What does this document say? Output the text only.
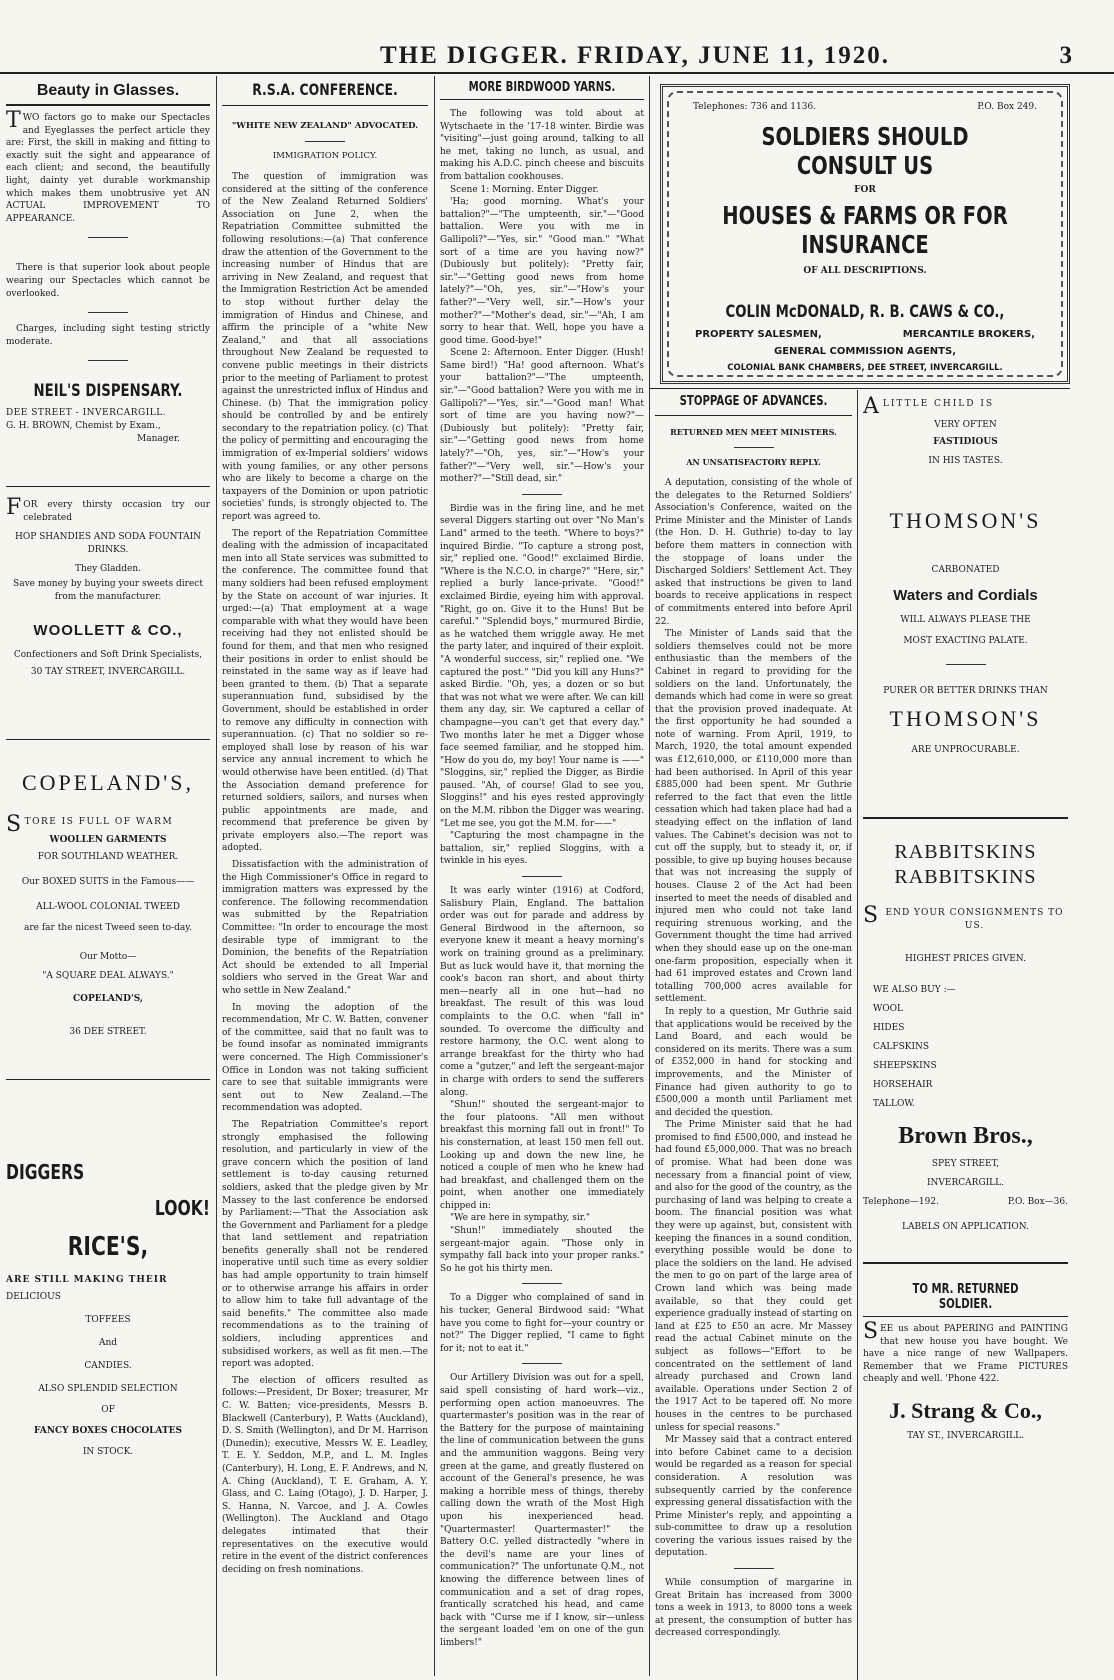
THE DIGGER. FRIDAY, JUNE 11, 1920.	3
Beauty in Glasses.

TWO factors go to make our Spectacles and Eyeglasses the perfect article they are: First, the skill in making and fitting to exactly suit the sight and appearance of each client; and second, the beautifully light, dainty yet durable workmanship which makes them unobtrusive yet AN ACTUAL IMPROVEMENT TO APPEARANCE.

There is that superior look about people wearing our Spectacles which cannot be overlooked.

Charges, including sight testing strictly moderate.

NEIL'S DISPENSARY.
DEE STREET - INVERCARGILL.
G. H. BROWN, Chemist by Exam.,
Manager.

FOR every thirsty occasion try our celebrated

HOP SHANDIES AND SODA FOUNTAIN DRINKS.
They Gladden.
Save money by buying your sweets direct from the manufacturer.
WOOLLETT & CO.,
Confectioners and Soft Drink Specialists,
30 TAY STREET, INVERCARGILL.
COPELAND'S,
STORE IS FULL OF WARM
WOOLLEN GARMENTS
FOR SOUTHLAND WEATHER.
Our BOXED SUITS in the Famous——
ALL-WOOL COLONIAL TWEED
are far the nicest Tweed seen to-day.
Our Motto—
"A SQUARE DEAL ALWAYS."
COPELAND'S,
36 DEE STREET.
DIGGERS
LOOK!
RICE'S,
ARE STILL MAKING THEIR
DELICIOUS
TOFFEES
And
CANDIES.
ALSO SPLENDID SELECTION
OF
FANCY BOXES CHOCOLATES
IN STOCK.
R.S.A. CONFERENCE.
"WHITE NEW ZEALAND" ADVOCATED.
IMMIGRATION POLICY.

The question of immigration was considered at the sitting of the conference of the New Zealand Returned Soldiers' Association on June 2, when the Repatriation Committee submitted the following resolutions:—(a) That conference draw the attention of the Government to the increasing number of Hindus that are arriving in New Zealand, and request that the Immigration Restriction Act be amended to stop without further delay the immigration of Hindus and Chinese, and affirm the principle of a "white New Zealand," and that all associations throughout New Zealand be requested to convene public meetings in their districts prior to the meeting of Parliament to protest against the unrestricted influx of Hindus and Chinese. (b) That the immigration policy should be controlled by and be entirely secondary to the repatriation policy. (c) That the policy of permitting and encouraging the immigration of ex-Imperial soldiers' widows with young families, or any other persons who are likely to become a charge on the taxpayers of the Dominion or upon patriotic societies' funds, is strongly objected to. The report was agreed to.

The report of the Repatriation Committee dealing with the admission of incapacitated men into all State services was submitted to the conference. The committee found that many soldiers had been refused employment by the State on account of war injuries. It urged:—(a) That employment at a wage comparable with what they would have been receiving had they not enlisted should be found for them, and that men who resigned their positions in order to enlist should be reinstated in the same way as if leave had been granted to them. (b) That a separate superannuation fund, subsidised by the Government, should be established in order to remove any difficulty in connection with superannuation. (c) That no soldier so re-employed shall lose by reason of his war service any annual increment to which he would otherwise have been entitled. (d) That the Association demand preference for returned soldiers, sailors, and nurses when public appointments are made, and recommend that preference be given by private employers also.—The report was adopted.

Dissatisfaction with the administration of the High Commissioner's Office in regard to immigration matters was expressed by the conference. The following recommendation was submitted by the Repatriation Committee: "In order to encourage the most desirable type of immigrant to the Dominion, the benefits of the Repatriation Act should be extended to all Imperial soldiers who served in the Great War and who settle in New Zealand."

In moving the adoption of the recommendation, Mr C. W. Batten, convener of the committee, said that no fault was to be found insofar as nominated immigrants were concerned. The High Commissioner's Office in London was not taking sufficient care to see that suitable immigrants were sent out to New Zealand.—The recommendation was adopted.

The Repatriation Committee's report strongly emphasised the following resolution, and particularly in view of the grave concern which the position of land settlement is to-day causing returned soldiers, asked that the pledge given by Mr Massey to the last conference be endorsed by Parliament:—"That the Association ask the Government and Parliament for a pledge that land settlement and repatriation benefits generally shall not be rendered inoperative until such time as every soldier has had ample opportunity to train himself or to otherwise arrange his affairs in order to allow him to take full advantage of the said benefits." The committee also made recommendations as to the training of soldiers, including apprentices and subsidised workers, as well as fit men.—The report was adopted.

The election of officers resulted as follows:—President, Dr Boxer; treasurer, Mr C. W. Batten; vice-presidents, Messrs B. Blackwell (Canterbury), P. Watts (Auckland), D. S. Smith (Wellington), and Dr M. Harrison (Dunedin); executive, Messrs W. E. Leadley, T. E. Y. Seddon, M.P., and L. M. Ingles (Canterbury), H. Long, E. F. Andrews, and N. A. Ching (Auckland), T. E. Graham, A. Y. Glass, and C. Laing (Otago), J. D. Harper, J. S. Hanna, N. Varcoe, and J. A. Cowles (Wellington). The Auckland and Otago delegates intimated that their representatives on the executive would retire in the event of the district conferences deciding on fresh nominations.

MORE BIRDWOOD YARNS.

The following was told about at Wytschaete in the '17-18 winter. Birdie was "visiting"—just going around, talking to all he met, taking no lunch, as usual, and making his A.D.C. pinch cheese and biscuits from battalion cookhouses.

Scene 1: Morning. Enter Digger.

'Ha; good morning. What's your battalion?"—"The umpteenth, sir."—"Good battalion. Were you with me in Gallipoli?"—"Yes, sir." "Good man." "What sort of a time are you having now?" (Dubiously but politely): "Pretty fair, sir."—"Getting good news from home lately?"—"Oh, yes, sir."—"How's your father?"—"Very well, sir."—How's your mother?"—"Mother's dead, sir."—"Ah, I am sorry to hear that. Well, hope you have a good time. Good-bye!"

Scene 2: Afternoon. Enter Digger. (Hush! Same bird!) "Ha! good afternoon. What's your battalion?"—"The umpteenth, sir."—"Good battalion? Were you with me in Gallipoli?"—"Yes, sir."—"Good man! What sort of time are you having now?"—(Dubiously but politely): "Pretty fair, sir."—"Getting good news from home lately?"—"Oh, yes, sir."—"How's your father?"—"Very well, sir."—How's your mother?"—"Still dead, sir."

Birdie was in the firing line, and he met several Diggers starting out over "No Man's Land" armed to the teeth. "Where to boys?" inquired Birdie. "To capture a strong post, sir," replied one. "Good!" exclaimed Birdie. "Where is the N.C.O. in charge?" "Here, sir," replied a burly lance-private. "Good!" exclaimed Birdie, eyeing him with approval. "Right, go on. Give it to the Huns! But be careful." "Splendid boys," murmured Birdie, as he watched them wriggle away. He met the party later, and inquired of their exploit. "A wonderful success, sir," replied one. "We captured the post." "Did you kill any Huns?" asked Birdie. "Oh, yes, a dozen or so but that was not what we were after. We can kill them any day, sir. We captured a cellar of champagne—you can't get that every day." Two months later he met a Digger whose face seemed familiar, and he stopped him. "How do you do, my boy! Your name is ——" "Sloggins, sir," replied the Digger, as Birdie paused. "Ah, of course! Glad to see you, Sloggins!" and his eyes rested approvingly on the M.M. ribbon the Digger was wearing. "Let me see, you got the M.M. for——"

"Capturing the most champagne in the battalion, sir," replied Sloggins, with a twinkle in his eyes.

It was early winter (1916) at Codford, Salisbury Plain, England. The battalion order was out for parade and address by General Birdwood in the afternoon, so everyone knew it meant a heavy morning's work on training ground as a preliminary. But as luck would have it, that morning the cook's bacon ran short, and about thirty men—nearly all in one hut—had no breakfast. The result of this was loud complaints to the O.C. when "fall in" sounded. To overcome the difficulty and restore harmony, the O.C. went along to arrange breakfast for the thirty who had come a "gutzer," and left the sergeant-major in charge with orders to send the sufferers along.

"Shun!" shouted the sergeant-major to the four platoons. "All men without breakfast this morning fall out in front!" To his consternation, at least 150 men fell out. Looking up and down the new line, he noticed a couple of men who he knew had had breakfast, and challenged them on the point, when another one immediately chipped in:

"We are here in sympathy, sir."

"Shun!" immediately shouted the sergeant-major again. "Those only in sympathy fall back into your proper ranks." So he got his thirty men.

To a Digger who complained of sand in his tucker, General Birdwood said: "What have you come to fight for—your country or not?" The Digger replied, "I came to fight for it; not to eat it."

Our Artillery Division was out for a spell, said spell consisting of hard work—viz., performing open action manoeuvres. The quartermaster's position was in the rear of the Battery for the purpose of maintaining the line of communication between the guns and the ammunition waggons. Being very green at the game, and greatly flustered on account of the General's presence, he was making a horrible mess of things, thereby calling down the wrath of the Most High upon his inexperienced head. "Quartermaster! Quartermaster!" the Battery O.C. yelled distractedly "where in the devil's name are your lines of communication?" The unfortunate Q.M., not knowing the difference between lines of communication and a set of drag ropes, frantically scratched his head, and came back with "Curse me if I know, sir—unless the sergeant loaded 'em on one of the gun limbers!"

Telephones: 736 and 1136.	P.O. Box 249.
SOLDIERS SHOULD CONSULT US
FOR
HOUSES & FARMS OR FOR INSURANCE
OF ALL DESCRIPTIONS.
COLIN McDONALD, R. B. CAWS & CO.,
PROPERTY SALESMEN,	MERCANTILE BROKERS,
GENERAL COMMISSION AGENTS,
COLONIAL BANK CHAMBERS, DEE STREET, INVERCARGILL.
STOPPAGE OF ADVANCES.
RETURNED MEN MEET MINISTERS.
AN UNSATISFACTORY REPLY.

A deputation, consisting of the whole of the delegates to the Returned Soldiers' Association's Conference, waited on the Prime Minister and the Minister of Lands (the Hon. D. H. Guthrie) to-day to lay before them matters in connection with the stoppage of loans under the Discharged Soldiers' Settlement Act. They asked that instructions be given to land boards to receive applications in respect of commitments entered into before April 22.

The Minister of Lands said that the soldiers themselves could not be more enthusiastic than the members of the Cabinet in regard to providing for the soldiers on the land. Unfortunately, the demands which had come in were so great that the provision proved inadequate. At the first opportunity he had sounded a note of warning. From April, 1919, to March, 1920, the total amount expended was £12,610,000, or £110,000 more than had been authorised. In April of this year £885,000 had been spent. Mr Guthrie referred to the fact that even the little cessation which had taken place had had a steadying effect on the inflation of land values. The Cabinet's decision was not to cut off the supply, but to steady it, or, if possible, to give up buying houses because that was not increasing the supply of houses. Clause 2 of the Act had been inserted to meet the needs of disabled and injured men who could not take land requiring strenuous working, and the Government thought the time had arrived when they should ease up on the one-man one-farm proposition, especially when it had 61 improved estates and Crown land totalling 700,000 acres available for settlement.

In reply to a question, Mr Guthrie said that applications would be received by the Land Board, and each would be considered on its merits. There was a sum of £352,000 in hand for stocking and improvements, and the Minister of Finance had given authority to go to £500,000 a month until Parliament met and decided the question.

The Prime Minister said that he had promised to find £500,000, and instead he had found £5,000,000. That was no breach of promise. What had been done was necessary from a financial point of view, and also for the good of the country, as the purchasing of land was helping to create a boom. The financial position was what they were up against, but, consistent with keeping the finances in a sound condition, everything possible would be done to place the soldiers on the land. He advised the men to go on part of the large area of Crown land which was being made available, so that they could get experience gradually instead of starting on land at £25 to £50 an acre. Mr Massey read the actual Cabinet minute on the subject as follows—"Effort to be concentrated on the settlement of land already purchased and Crown land available. Operations under Section 2 of the 1917 Act to be tapered off. No more houses in the centres to be purchased unless for special reasons."

Mr Massey said that a contract entered into before Cabinet came to a decision would be regarded as a reason for special consideration. A resolution was subsequently carried by the conference expressing general dissatisfaction with the Prime Minister's reply, and appointing a sub-committee to draw up a resolution covering the various issues raised by the deputation.

While consumption of margarine in Great Britain has increased from 3000 tons a week in 1913, to 8000 tons a week at present, the consumption of butter has decreased correspondingly.

ALITTLE CHILD IS
VERY OFTEN
FASTIDIOUS
IN HIS TASTES.
THOMSON'S
CARBONATED
Waters and Cordials
WILL ALWAYS PLEASE THE
MOST EXACTING PALATE.
PURER OR BETTER DRINKS THAN
THOMSON'S
ARE UNPROCURABLE.
RABBITSKINS
RABBITSKINS
SEND YOUR CONSIGNMENTS TO US.
HIGHEST PRICES GIVEN.
WE ALSO BUY :—
WOOL
HIDES
CALFSKINS
SHEEPSKINS
HORSEHAIR
TALLOW.
Brown Bros.,
SPEY STREET,
INVERCARGILL.
Telephone—192.	P.O. Box—36.
LABELS ON APPLICATION.
TO MR. RETURNED SOLDIER.

SEE us about PAPERING and PAINTING that new house you have bought. We have a nice range of new Wallpapers. Remember that we Frame PICTURES cheaply and well. 'Phone 422.

J. Strang & Co.,
TAY ST., INVERCARGILL.
